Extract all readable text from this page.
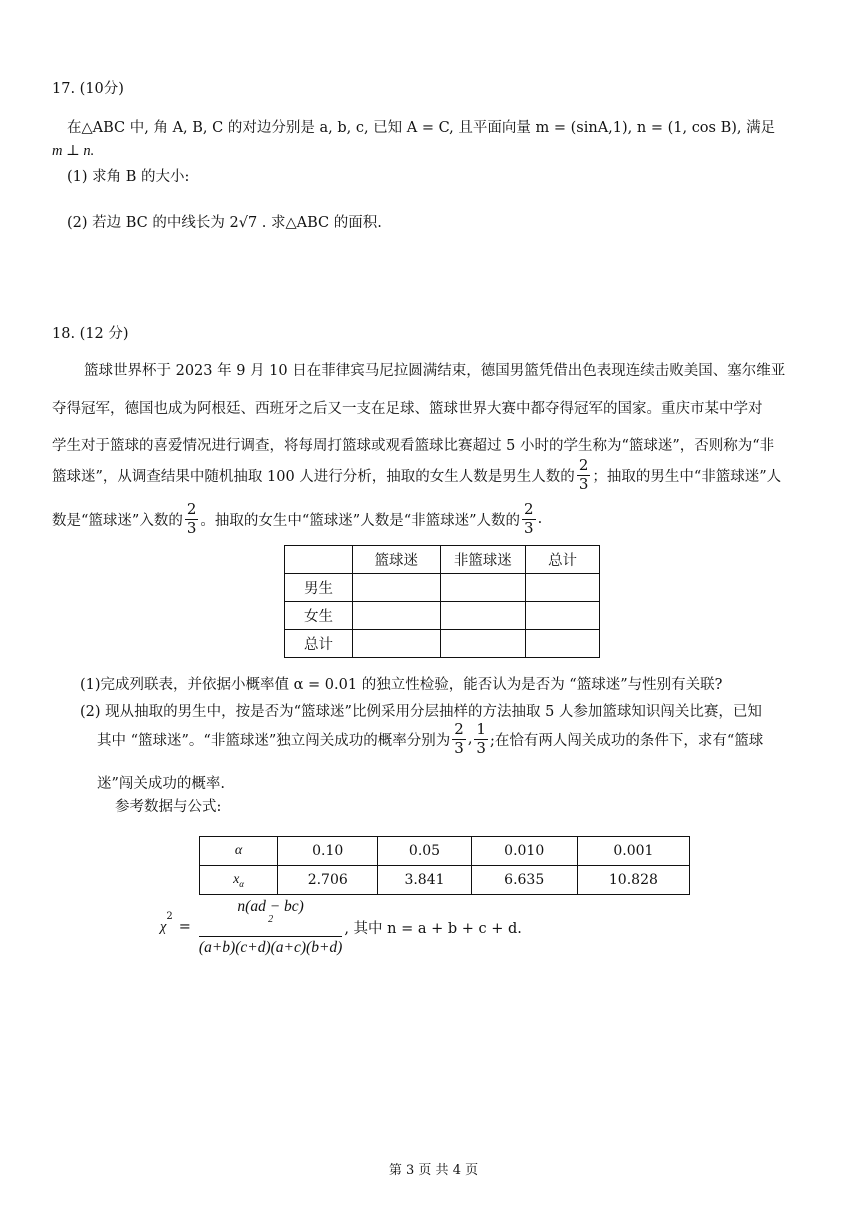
17. (10分)
在△ABC 中, 角 A, B, C 的对边分别是 a, b, c, 已知 A = C, 且平面向量 m = (sinA,1), n = (1, cos B), 满足
m ⊥ n.
(1) 求角 B 的大小:
(2) 若边 BC 的中线长为 2√7 . 求△ABC 的面积.
18. (12 分)
篮球世界杯于 2023 年 9 月 10 日在菲律宾马尼拉圆满结束，德国男篮凭借出色表现连续击败美国、塞尔维亚
夺得冠军，德国也成为阿根廷、西班牙之后又一支在足球、篮球世界大赛中都夺得冠军的国家。重庆市某中学对
学生对于篮球的喜爱情况进行调查，将每周打篮球或观看篮球比赛超过 5 小时的学生称为“篮球迷”，否则称为“非
篮球迷”，从调查结果中随机抽取 100 人进行分析，抽取的女生人数是男生人数的 $\frac{2}{3}$ ；抽取的男生中“非篮球迷”人
数是“篮球迷”入数的 $\frac{2}{3}$ 。抽取的女生中“篮球迷”人数是“非篮球迷”人数的 $\frac{2}{3}$ .
	篮球迷	非篮球迷	总计
男生			
女生			
总计			
(1)完成列联表，并依据小概率值 α = 0.01 的独立性检验，能否认为是否为 “篮球迷”与性别有关联?
(2) 现从抽取的男生中，按是否为“篮球迷”比例采用分层抽样的方法抽取 5 人参加篮球知识闯关比赛，已知
其中 “篮球迷”。“非篮球迷”独立闯关成功的概率分别为 $\frac{2}{3}$ , $\frac{1}{3}$ ;在恰有两人闯关成功的条件下，求有“篮球
迷”闯关成功的概率.
参考数据与公式:
α	0.10	0.05	0.010	0.001
$x_\alpha$	2.706	3.841	6.635	10.828
χ
$^2$
= n(ad − bc)
$^2$
(a+b)(c+d)(a+c)(b+d) , 其中 n = a + b + c + d.
第 3 页 共 4 页
